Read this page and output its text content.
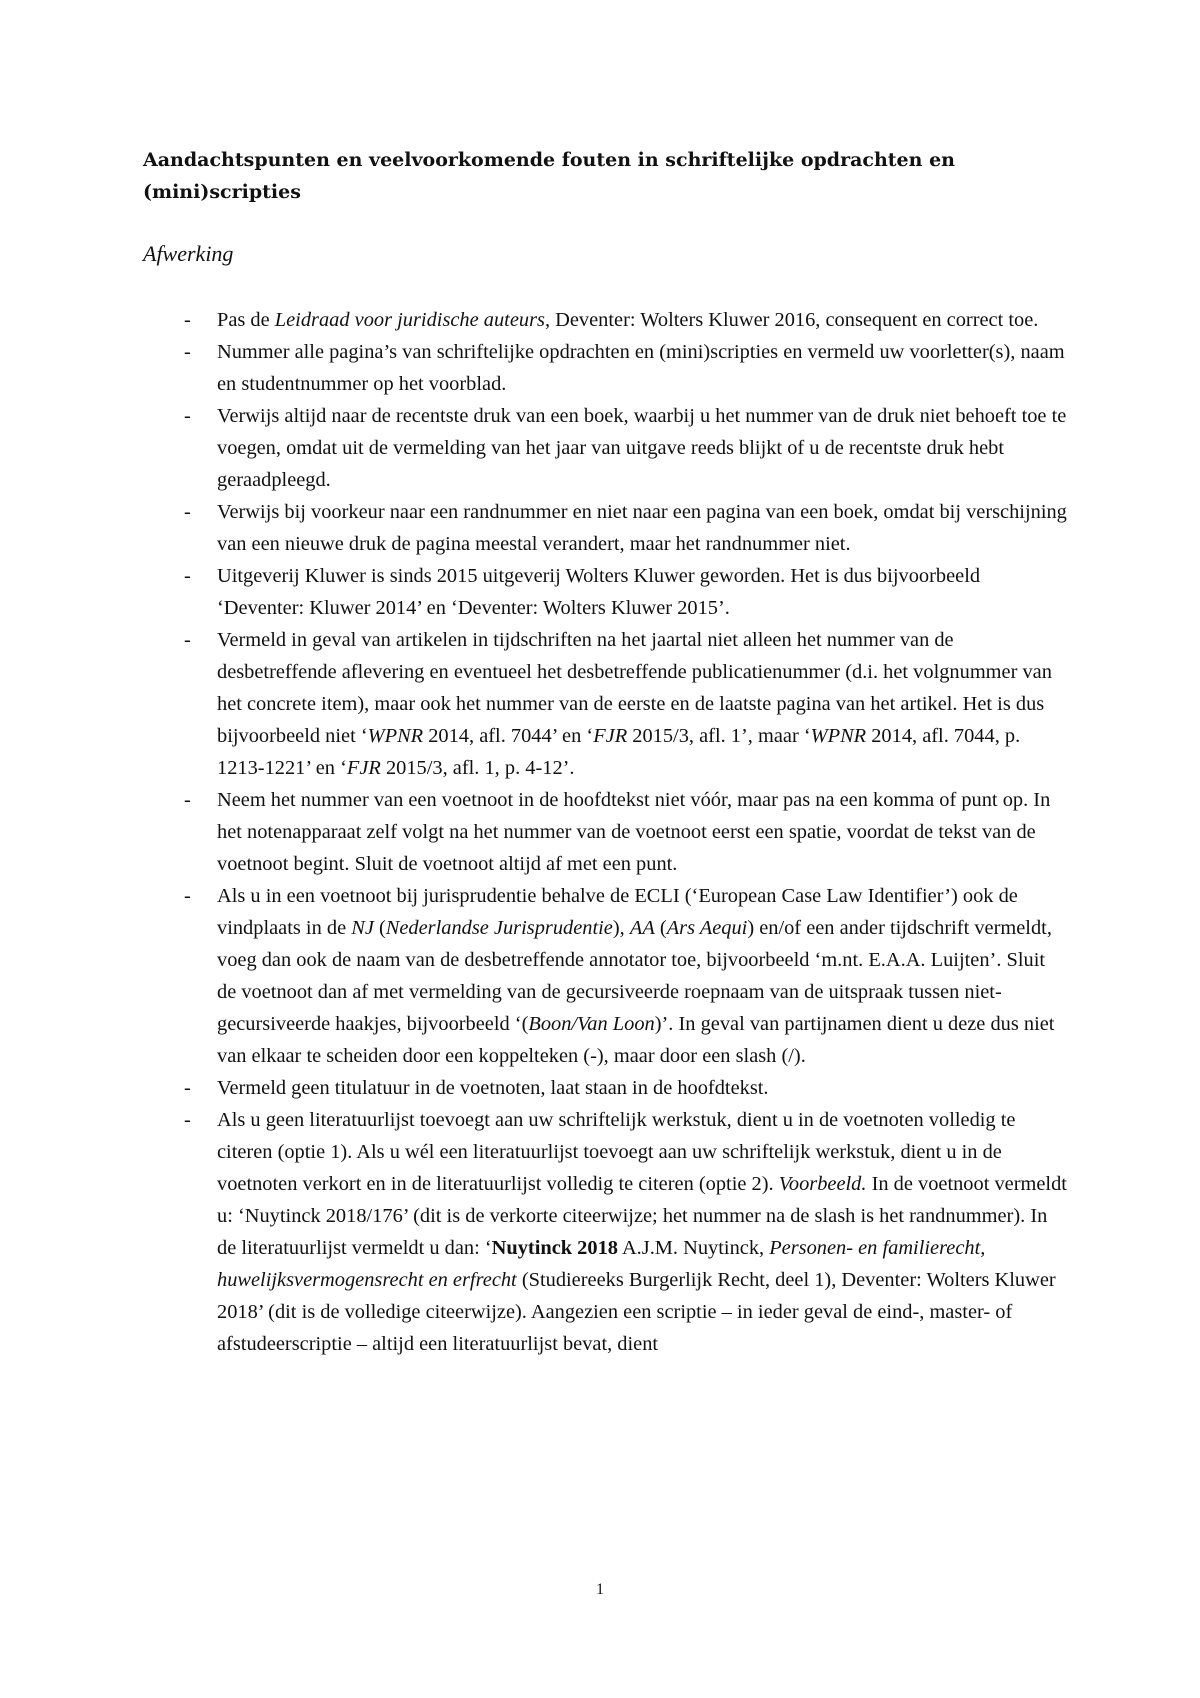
Aandachtspunten en veelvoorkomende fouten in schriftelijke opdrachten en (mini)scripties

Afwerking

- Pas de Leidraad voor juridische auteurs, Deventer: Wolters Kluwer 2016, consequent en correct toe.
- Nummer alle pagina’s van schriftelijke opdrachten en (mini)scripties en vermeld uw voorletter(s), naam en studentnummer op het voorblad.
- Verwijs altijd naar de recentste druk van een boek, waarbij u het nummer van de druk niet behoeft toe te voegen, omdat uit de vermelding van het jaar van uitgave reeds blijkt of u de recentste druk hebt geraadpleegd.
- Verwijs bij voorkeur naar een randnummer en niet naar een pagina van een boek, omdat bij verschijning van een nieuwe druk de pagina meestal verandert, maar het randnummer niet.
- Uitgeverij Kluwer is sinds 2015 uitgeverij Wolters Kluwer geworden. Het is dus bijvoorbeeld ‘Deventer: Kluwer 2014’ en ‘Deventer: Wolters Kluwer 2015’.
- Vermeld in geval van artikelen in tijdschriften na het jaartal niet alleen het nummer van de desbetreffende aflevering en eventueel het desbetreffende publicatienummer (d.i. het volgnummer van het concrete item), maar ook het nummer van de eerste en de laatste pagina van het artikel. Het is dus bijvoorbeeld niet ‘WPNR 2014, afl. 7044’ en ‘FJR 2015/3, afl. 1’, maar ‘WPNR 2014, afl. 7044, p. 1213-1221’ en ‘FJR 2015/3, afl. 1, p. 4-12’.
- Neem het nummer van een voetnoot in de hoofdtekst niet vóór, maar pas na een komma of punt op. In het notenapparaat zelf volgt na het nummer van de voetnoot eerst een spatie, voordat de tekst van de voetnoot begint. Sluit de voetnoot altijd af met een punt.
- Als u in een voetnoot bij jurisprudentie behalve de ECLI (‘European Case Law Identifier’) ook de vindplaats in de NJ (Nederlandse Jurisprudentie), AA (Ars Aequi) en/of een ander tijdschrift vermeldt, voeg dan ook de naam van de desbetreffende annotator toe, bijvoorbeeld ‘m.nt. E.A.A. Luijten’. Sluit de voetnoot dan af met vermelding van de gecursiveerde roepnaam van de uitspraak tussen niet-gecursiveerde haakjes, bijvoorbeeld ‘(Boon/Van Loon)’. In geval van partijnamen dient u deze dus niet van elkaar te scheiden door een koppelteken (-), maar door een slash (/).
- Vermeld geen titulatuur in de voetnoten, laat staan in de hoofdtekst.
- Als u geen literatuurlijst toevoegt aan uw schriftelijk werkstuk, dient u in de voetnoten volledig te citeren (optie 1). Als u wél een literatuurlijst toevoegt aan uw schriftelijk werkstuk, dient u in de voetnoten verkort en in de literatuurlijst volledig te citeren (optie 2). Voorbeeld. In de voetnoot vermeldt u: ‘Nuytinck 2018/176’ (dit is de verkorte citeerwijze; het nummer na de slash is het randnummer). In de literatuurlijst vermeldt u dan: ‘Nuytinck 2018 A.J.M. Nuytinck, Personen- en familierecht, huwelijksvermogensrecht en erfrecht (Studiereeks Burgerlijk Recht, deel 1), Deventer: Wolters Kluwer 2018’ (dit is de volledige citeerwijze). Aangezien een scriptie – in ieder geval de eind-, master- of afstudeerscriptie – altijd een literatuurlijst bevat, dient
1
